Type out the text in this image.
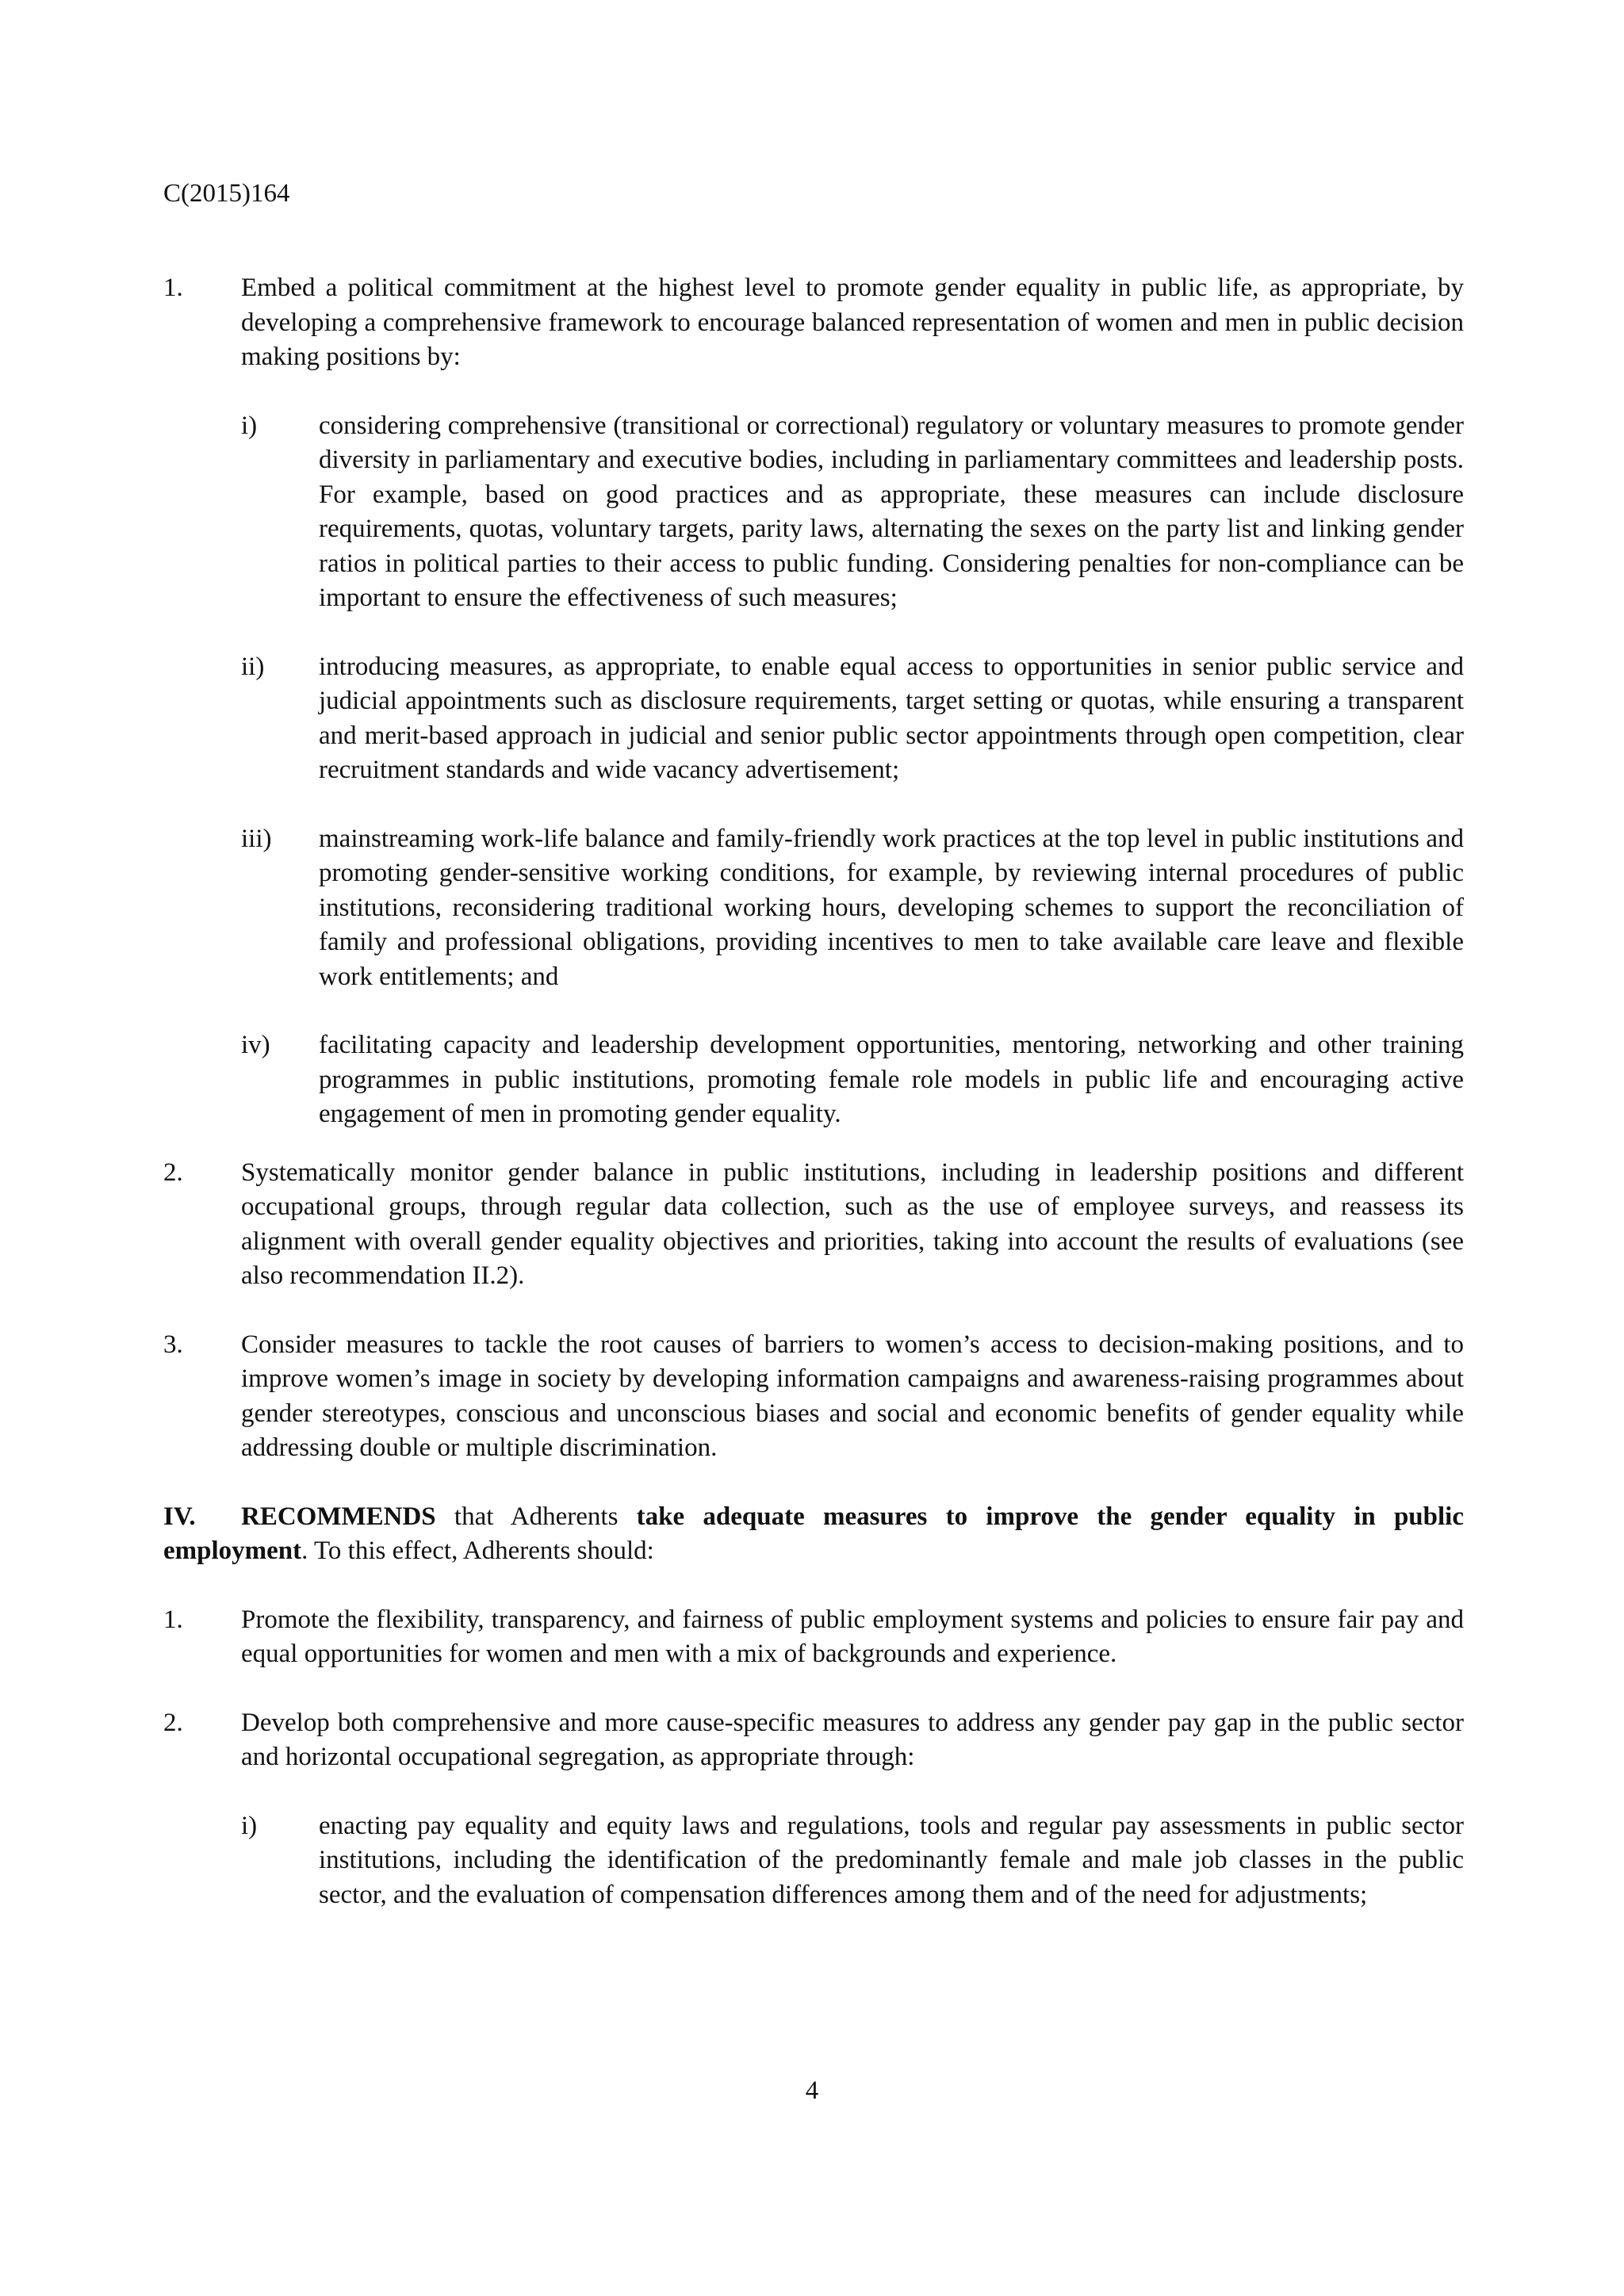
C(2015)164
1. Embed a political commitment at the highest level to promote gender equality in public life, as appropriate, by developing a comprehensive framework to encourage balanced representation of women and men in public decision making positions by:
i) considering comprehensive (transitional or correctional) regulatory or voluntary measures to promote gender diversity in parliamentary and executive bodies, including in parliamentary committees and leadership posts. For example, based on good practices and as appropriate, these measures can include disclosure requirements, quotas, voluntary targets, parity laws, alternating the sexes on the party list and linking gender ratios in political parties to their access to public funding. Considering penalties for non-compliance can be important to ensure the effectiveness of such measures;
ii) introducing measures, as appropriate, to enable equal access to opportunities in senior public service and judicial appointments such as disclosure requirements, target setting or quotas, while ensuring a transparent and merit-based approach in judicial and senior public sector appointments through open competition, clear recruitment standards and wide vacancy advertisement;
iii) mainstreaming work-life balance and family-friendly work practices at the top level in public institutions and promoting gender-sensitive working conditions, for example, by reviewing internal procedures of public institutions, reconsidering traditional working hours, developing schemes to support the reconciliation of family and professional obligations, providing incentives to men to take available care leave and flexible work entitlements; and
iv) facilitating capacity and leadership development opportunities, mentoring, networking and other training programmes in public institutions, promoting female role models in public life and encouraging active engagement of men in promoting gender equality.
2. Systematically monitor gender balance in public institutions, including in leadership positions and different occupational groups, through regular data collection, such as the use of employee surveys, and reassess its alignment with overall gender equality objectives and priorities, taking into account the results of evaluations (see also recommendation II.2).
3. Consider measures to tackle the root causes of barriers to women’s access to decision-making positions, and to improve women’s image in society by developing information campaigns and awareness-raising programmes about gender stereotypes, conscious and unconscious biases and social and economic benefits of gender equality while addressing double or multiple discrimination.
IV. RECOMMENDS that Adherents take adequate measures to improve the gender equality in public employment. To this effect, Adherents should:
1. Promote the flexibility, transparency, and fairness of public employment systems and policies to ensure fair pay and equal opportunities for women and men with a mix of backgrounds and experience.
2. Develop both comprehensive and more cause-specific measures to address any gender pay gap in the public sector and horizontal occupational segregation, as appropriate through:
i) enacting pay equality and equity laws and regulations, tools and regular pay assessments in public sector institutions, including the identification of the predominantly female and male job classes in the public sector, and the evaluation of compensation differences among them and of the need for adjustments;
4
